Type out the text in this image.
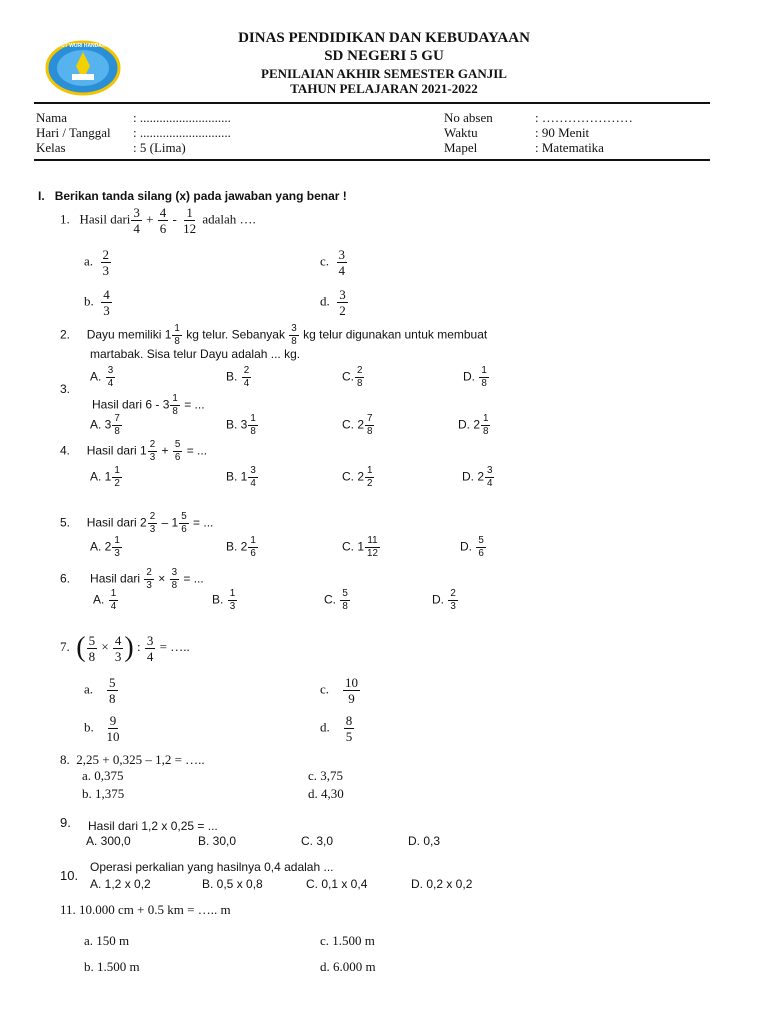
TUT WURI HANDAYANI	DINAS PENDIDIKAN DAN KEBUDAYAAN
SD NEGERI 5 GU
PENILAIAN AKHIR SEMESTER GANJIL
TAHUN PELAJARAN 2021-2022
Nama	: ............................
Hari / Tanggal : ............................
Kelas	: 5 (Lima)
No absen	: …………………
Waktu	: 90 Menit
Mapel	: Matematika
I. Berikan tanda silang (x) pada jawaban yang benar !
1. Hasil dari $\frac{3}{4} + \frac{4}{6} - \frac{1}{12}$ adalah ….
a. $\frac{2}{3}$
b. $\frac{4}{3}$
c. $\frac{3}{4}$
d. $\frac{3}{2}$
2. Dayu memiliki $1 \frac{1}{8}$ kg telur. Sebanyak $\frac{3}{8}$ kg telur digunakan untuk membuat
martabak. Sisa telur Dayu adalah ... kg.
A. $\frac{3}{4}$	B. $\frac{2}{4}$	C. $\frac{2}{8}$	D. $\frac{1}{8}$
3.
Hasil dari $6 - 3 \frac{1}{8}$ = ...
A. $3 \frac{7}{8}$	B. $3 \frac{1}{8}$	C. $2 \frac{7}{8}$	D. $2 \frac{1}{8}$
4. Hasil dari $1 \frac{2}{3} + \frac{5}{6}$ = ...
A. $1 \frac{1}{2}$	B. $1 \frac{3}{4}$	C. $2 \frac{1}{2}$	D. $2 \frac{3}{4}$
5. Hasil dari $2 \frac{2}{3} - 1 \frac{5}{6}$ = ...
A. $2 \frac{1}{3}$	B. $2 \frac{1}{6}$	C. $1 \frac{11}{12}$	D. $\frac{5}{6}$
6. Hasil dari $\frac{2}{3} \times \frac{3}{8}$ = ...
A. $\frac{1}{4}$	B. $\frac{1}{3}$	C. $\frac{5}{8}$	D. $\frac{2}{3}$
7. ( $\frac{5}{8} \times \frac{4}{3}$ ) : $\frac{3}{4}$ = …..
a. $\frac{5}{8}$
b. $\frac{9}{10}$
c. $\frac{10}{9}$
d. $\frac{8}{5}$
8. 2,25 + 0,325 – 1,2 = …..
a. 0,375
b. 1,375
c. 3,75
d. 4,30
9. Hasil dari 1,2 x 0,25 = ...
A. 300,0	B. 30,0	C. 3,0	D. 0,3
10.
Operasi perkalian yang hasilnya 0,4 adalah ...
A. 1,2 x 0,2	B. 0,5 x 0,8	C. 0,1 x 0,4	D. 0,2 x 0,2
11. 10.000 cm + 0.5 km = ….. m
a. 150 m
b. 1.500 m
c. 1.500 m
d. 6.000 m
